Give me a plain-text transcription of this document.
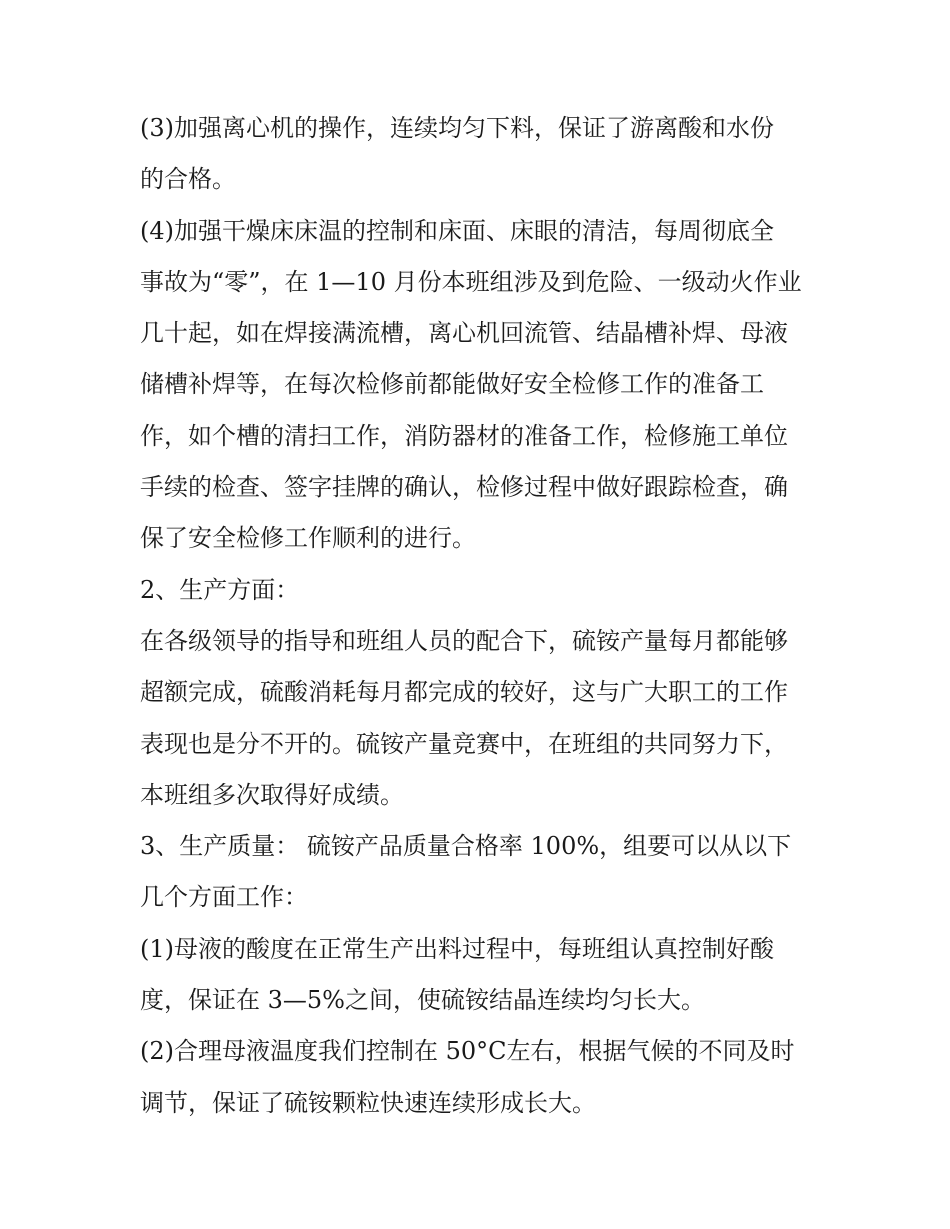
(3)加强离心机的操作，连续均匀下料，保证了游离酸和水份
的合格。
(4)加强干燥床床温的控制和床面、床眼的清洁，每周彻底全
事故为“零”，在 1—10 月份本班组涉及到危险、一级动火作业
几十起，如在焊接满流槽，离心机回流管、结晶槽补焊、母液
储槽补焊等，在每次检修前都能做好安全检修工作的准备工
作，如个槽的清扫工作，消防器材的准备工作，检修施工单位
手续的检查、签字挂牌的确认，检修过程中做好跟踪检查，确
保了安全检修工作顺利的进行。
2、生产方面：
在各级领导的指导和班组人员的配合下，硫铵产量每月都能够
超额完成，硫酸消耗每月都完成的较好，这与广大职工的工作
表现也是分不开的。硫铵产量竞赛中，在班组的共同努力下，
本班组多次取得好成绩。
3、生产质量： 硫铵产品质量合格率 100%，组要可以从以下
几个方面工作：
(1)母液的酸度在正常生产出料过程中，每班组认真控制好酸
度，保证在 3—5%之间，使硫铵结晶连续均匀长大。
(2)合理母液温度我们控制在 50°C左右，根据气候的不同及时
调节，保证了硫铵颗粒快速连续形成长大。
